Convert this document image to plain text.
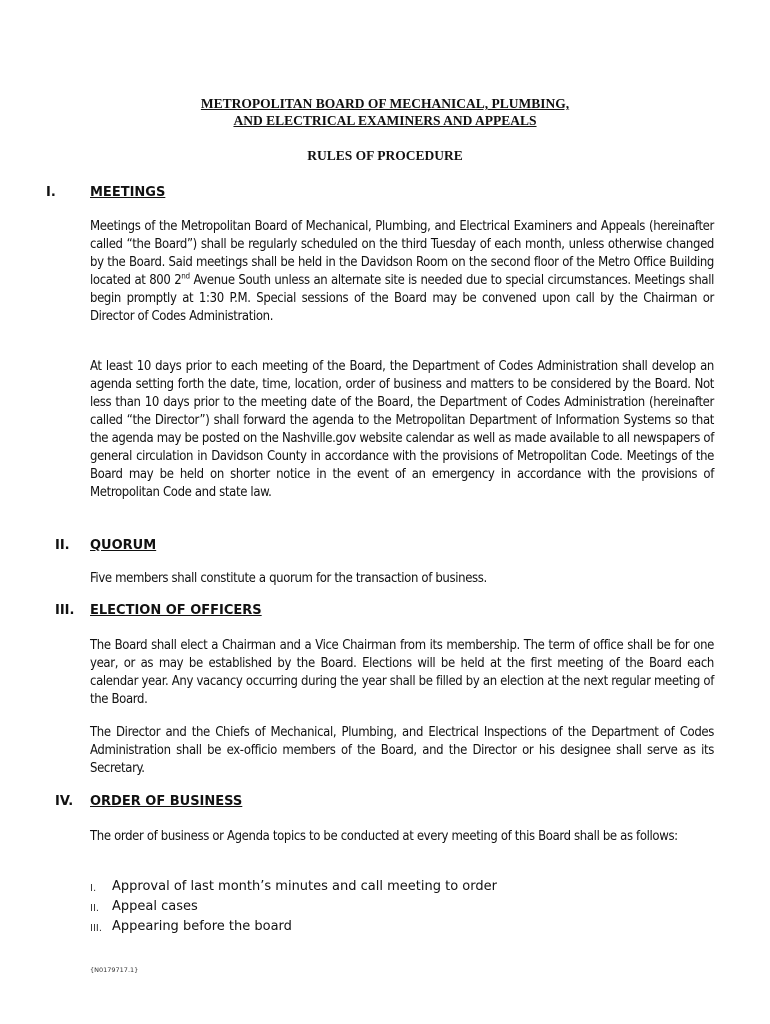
METROPOLITAN BOARD OF MECHANICAL, PLUMBING,
AND ELECTRICAL EXAMINERS AND APPEALS
RULES OF PROCEDURE
I.	MEETINGS
Meetings of the Metropolitan Board of Mechanical, Plumbing, and Electrical Examiners and Appeals (hereinafter called “the Board”) shall be regularly scheduled on the third Tuesday of each month, unless otherwise changed by the Board. Said meetings shall be held in the Davidson Room on the second floor of the Metro Office Building located at 800 2nd Avenue South unless an alternate site is needed due to special circumstances. Meetings shall begin promptly at 1:30 P.M. Special sessions of the Board may be convened upon call by the Chairman or Director of Codes Administration.
At least 10 days prior to each meeting of the Board, the Department of Codes Administration shall develop an agenda setting forth the date, time, location, order of business and matters to be considered by the Board. Not less than 10 days prior to the meeting date of the Board, the Department of Codes Administration (hereinafter called “the Director”) shall forward the agenda to the Metropolitan Department of Information Systems so that the agenda may be posted on the Nashville.gov website calendar as well as made available to all newspapers of general circulation in Davidson County in accordance with the provisions of Metropolitan Code. Meetings of the Board may be held on shorter notice in the event of an emergency in accordance with the provisions of Metropolitan Code and state law.
II. QUORUM
Five members shall constitute a quorum for the transaction of business.
III. ELECTION OF OFFICERS
The Board shall elect a Chairman and a Vice Chairman from its membership. The term of office shall be for one year, or as may be established by the Board. Elections will be held at the first meeting of the Board each calendar year. Any vacancy occurring during the year shall be filled by an election at the next regular meeting of the Board.
The Director and the Chiefs of Mechanical, Plumbing, and Electrical Inspections of the Department of Codes Administration shall be ex-officio members of the Board, and the Director or his designee shall serve as its Secretary.
IV. ORDER OF BUSINESS
The order of business or Agenda topics to be conducted at every meeting of this Board shall be as follows:
I.	Approval of last month’s minutes and call meeting to order
II. Appeal cases
III. Appearing before the board
{N0179717.1}
